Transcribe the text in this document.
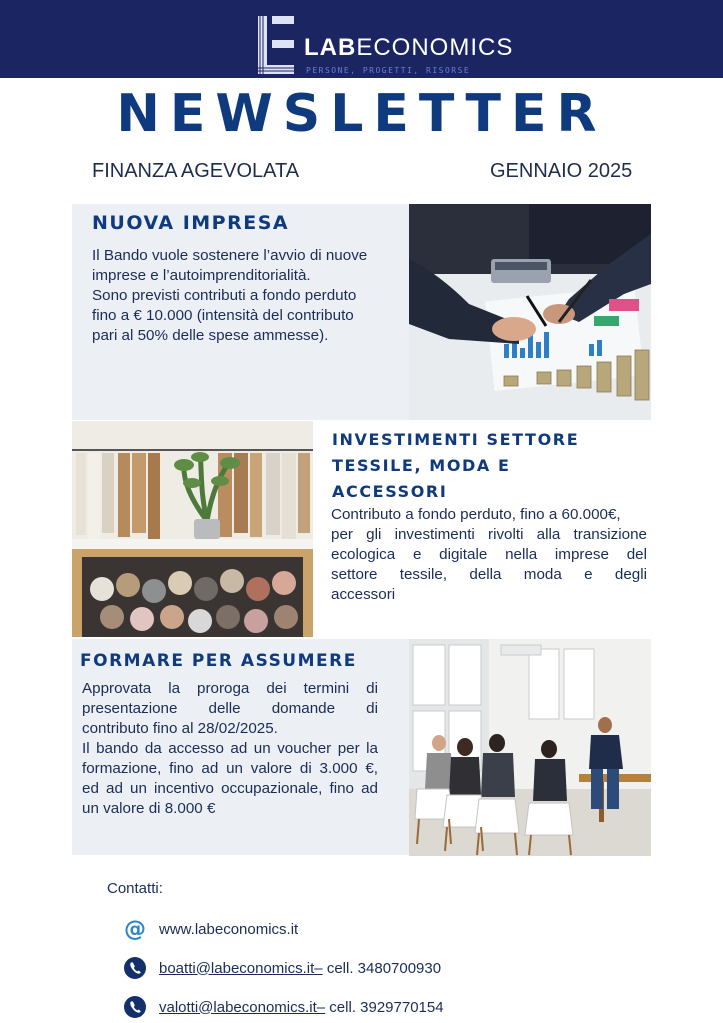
LABECONOMICS
PERSONE, PROGETTI, RISORSE
NEWSLETTER
FINANZA AGEVOLATA	GENNAIO 2025
NUOVA IMPRESA
Il Bando vuole sostenere l’avvio di nuove
imprese e l’autoimprenditorialità.
Sono previsti contributi a fondo perduto
fino a € 10.000 (intensità del contributo
pari al 50% delle spese ammesse).
INVESTIMENTI SETTORE
TESSILE, MODA E
ACCESSORI
Contributo a fondo perduto, fino a 60.000€,
per gli investimenti rivolti alla transizione
ecologica e digitale nella imprese del
settore tessile, della moda e degli
accessori
FORMARE PER ASSUMERE
Approvata la proroga dei termini di
presentazione delle domande di
contributo fino al 28/02/2025.
Il bando da accesso ad un voucher per la
formazione, fino ad un valore di 3.000 €,
ed ad un incentivo occupazionale, fino ad
un valore di 8.000 €
Contatti:
@ www.labeconomics.it
boatti@labeconomics.it– cell. 3480700930
valotti@labeconomics.it– cell. 3929770154
